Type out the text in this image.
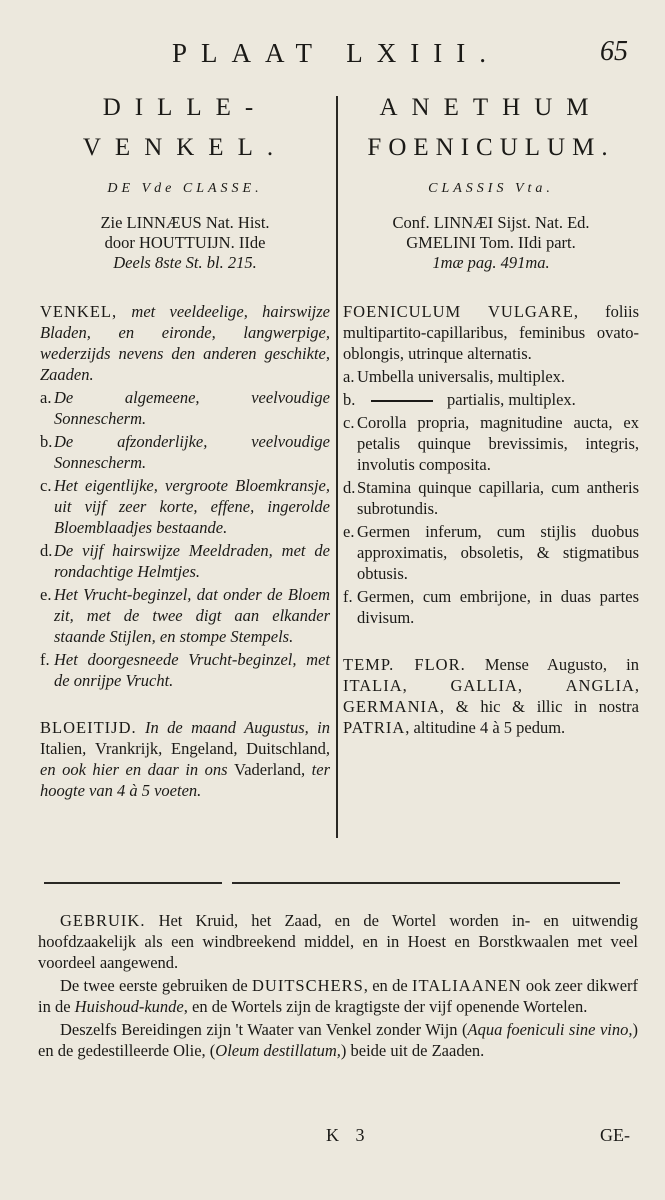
PLAAT LXIII.	65
DILLE-
VENKEL.
DE Vde CLASSE.
Zie LINNÆUS Nat. Hist.
door HOUTTUIJN. IIde
Deels 8ste St. bl. 215.
VENKEL, met veeldeelige, hairswijze Bladen, en eironde, langwerpige, wederzijds nevens den anderen geschikte, Zaaden.
a. De algemeene, veelvoudige Sonnescherm.
b. De afzonderlijke, veelvoudige Sonnescherm.
c. Het eigentlijke, vergroote Bloemkransje, uit vijf zeer korte, effene, ingerolde Bloemblaadjes bestaande.
d. De vijf hairswijze Meeldraden, met de rondachtige Helmtjes.
e. Het Vrucht-beginzel, dat onder de Bloem zit, met de twee digt aan elkander staande Stijlen, en stompe Stempels.
f. Het doorgesneede Vrucht-beginzel, met de onrijpe Vrucht.
BLOEITIJD. In de maand Augustus, in Italien, Vrankrijk, Engeland, Duitschland, en ook hier en daar in ons Vaderland, ter hoogte van 4 à 5 voeten.
ANETHUM
FOENICULUM.
CLASSIS Vta.
Conf. LINNÆI Sijst. Nat. Ed.
GMELINI Tom. IIdi part.
1mæ pag. 491ma.
FOENICULUM VULGARE, foliis multipartito-capillaribus, feminibus ovato-oblongis, utrinque alternatis.
a. Umbella universalis, multiplex.
b.	partialis, multiplex.
c. Corolla propria, magnitudine aucta, ex petalis quinque brevissimis, integris, involutis composita.
d. Stamina quinque capillaria, cum antheris subrotundis.
e. Germen inferum, cum stijlis duobus approximatis, obsoletis, & stigmatibus obtusis.
f. Germen, cum embrijone, in duas partes divisum.
TEMP. FLOR. Mense Augusto, in ITALIA, GALLIA, ANGLIA, GERMANIA, & hic & illic in nostra PATRIA, altitudine 4 à 5 pedum.

GEBRUIK. Het Kruid, het Zaad, en de Wortel worden in- en uitwendig hoofdzaakelijk als een windbreekend middel, en in Hoest en Borstkwaalen met veel voordeel aangewend.

De twee eerste gebruiken de DUITSCHERS, en de ITALIAANEN ook zeer dikwerf in de Huishoud-kunde, en de Wortels zijn de kragtigste der vijf openende Wortelen.

Deszelfs Bereidingen zijn 't Waater van Venkel zonder Wijn (Aqua foeniculi sine vino,) en de gedestilleerde Olie, (Oleum destillatum,) beide uit de Zaaden.

K 3	GE-
